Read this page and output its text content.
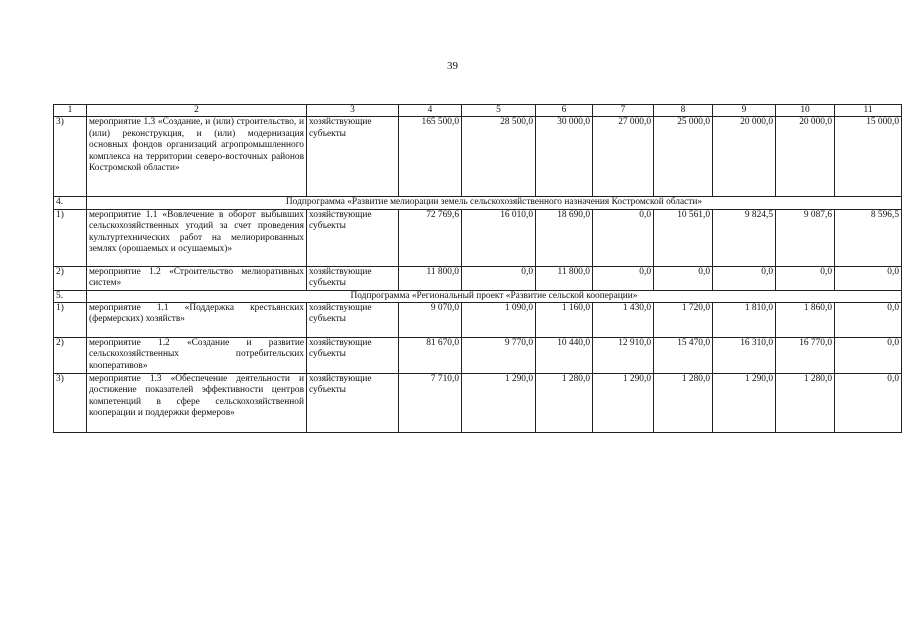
39
1	2	3	4	5	6	7	8	9	10	11
3)	мероприятие 1.3 «Создание, и (или) строительство, и (или) реконструкция, и (или) модернизация основных фондов организаций агропромышленного комплекса на территории северо-восточных районов Костромской области»	хозяйствующие субъекты	165 500,0	28 500,0	30 000,0	27 000,0	25 000,0	20 000,0	20 000,0	15 000,0
4.	Подпрограмма «Развитие мелиорации земель сельскохозяйственного назначения Костромской области»									
1)	мероприятие 1.1 «Вовлечение в оборот выбывших сельскохозяйственных угодий за счет проведения культуртехнических работ на мелиорированных землях (орошаемых и осушаемых)»	хозяйствующие субъекты	72 769,6	16 010,0	18 690,0	0,0	10 561,0	9 824,5	9 087,6	8 596,5
2)	мероприятие 1.2 «Строительство мелиоративных систем»	хозяйствующие субъекты	11 800,0	0,0	11 800,0	0,0	0,0	0,0	0,0	0,0
5.	Подпрограмма «Региональный проект «Развитие сельской кооперации»									
1)	мероприятие 1.1 «Поддержка крестьянских (фермерских) хозяйств»	хозяйствующие субъекты	9 070,0	1 090,0	1 160,0	1 430,0	1 720,0	1 810,0	1 860,0	0,0
2)	мероприятие 1.2 «Создание и развитие сельскохозяйственных потребительских кооперативов»	хозяйствующие субъекты	81 670,0	9 770,0	10 440,0	12 910,0	15 470,0	16 310,0	16 770,0	0,0
3)	мероприятие 1.3 «Обеспечение деятельности и достижение показателей эффективности центров компетенций в сфере сельскохозяйственной кооперации и поддержки фермеров»	хозяйствующие субъекты	7 710,0	1 290,0	1 280,0	1 290,0	1 280,0	1 290,0	1 280,0	0,0
